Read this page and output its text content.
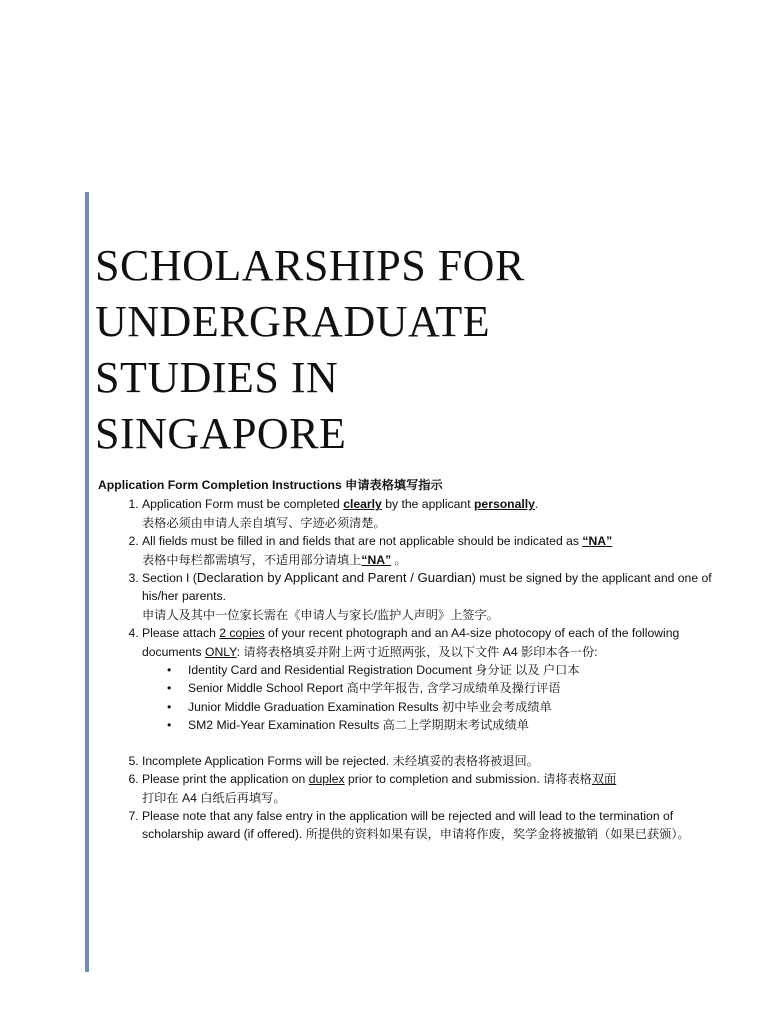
SCHOLARSHIPS FOR
UNDERGRADUATE
STUDIES IN
SINGAPORE
Application Form Completion Instructions 申请表格填写指示
1. Application Form must be completed clearly by the applicant personally.
表格必须由申请人亲自填写、字迹必须清楚。
2. All fields must be filled in and fields that are not applicable should be indicated as “NA”
表格中每栏都需填写，不适用部分请填上“NA” 。
3. Section I (Declaration by Applicant and Parent / Guardian) must be signed by the applicant and one of his/her parents.
申请人及其中一位家长需在《申请人与家长/监护人声明》上签字。
4. Please attach 2 copies of your recent photograph and an A4-size photocopy of each of the following documents ONLY: 请将表格填妥并附上两寸近照两张，及以下文件 A4 影印本各一份:
• Identity Card and Residential Registration Document 身分证 以及 户口本
• Senior Middle School Report 高中学年报告, 含学习成绩单及操行评语
• Junior Middle Graduation Examination Results 初中毕业会考成绩单
• SM2 Mid-Year Examination Results 高二上学期期末考试成绩单
5. Incomplete Application Forms will be rejected. 未经填妥的表格将被退回。
6. Please print the application on duplex prior to completion and submission. 请将表格双面
打印在 A4 白纸后再填写。
7. Please note that any false entry in the application will be rejected and will lead to the termination of scholarship award (if offered). 所提供的资料如果有误，申请将作废，奖学金将被撤销（如果已获颁）。
